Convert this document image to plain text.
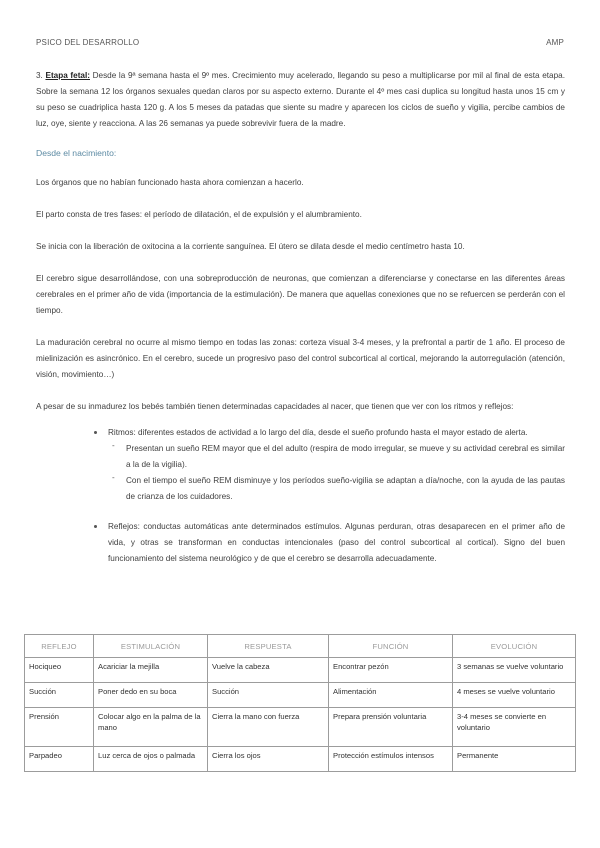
PSICO DEL DESARROLLO	AMP

3. Etapa fetal: Desde la 9ª semana hasta el 9º mes. Crecimiento muy acelerado, llegando su peso a multiplicarse por mil al final de esta etapa. Sobre la semana 12 los órganos sexuales quedan claros por su aspecto externo. Durante el 4º mes casi duplica su longitud hasta unos 15 cm y su peso se cuadriplica hasta 120 g. A los 5 meses da patadas que siente su madre y aparecen los ciclos de sueño y vigilia, percibe cambios de luz, oye, siente y reacciona. A las 26 semanas ya puede sobrevivir fuera de la madre.

Desde el nacimiento:

Los órganos que no habían funcionado hasta ahora comienzan a hacerlo.

El parto consta de tres fases: el período de dilatación, el de expulsión y el alumbramiento.

Se inicia con la liberación de oxitocina a la corriente sanguínea. El útero se dilata desde el medio centímetro hasta 10.

El cerebro sigue desarrollándose, con una sobreproducción de neuronas, que comienzan a diferenciarse y conectarse en las diferentes áreas cerebrales en el primer año de vida (importancia de la estimulación). De manera que aquellas conexiones que no se refuercen se perderán con el tiempo.

La maduración cerebral no ocurre al mismo tiempo en todas las zonas: corteza visual 3-4 meses, y la prefrontal a partir de 1 año. El proceso de mielinización es asincrónico. En el cerebro, sucede un progresivo paso del control subcortical al cortical, mejorando la autorregulación (atención, visión, movimiento…)

A pesar de su inmadurez los bebés también tienen determinadas capacidades al nacer, que tienen que ver con los ritmos y reflejos:

Ritmos: diferentes estados de actividad a lo largo del día, desde el sueño profundo hasta el mayor estado de alerta.

- Presentan un sueño REM mayor que el del adulto (respira de modo irregular, se mueve y su actividad cerebral es similar a la de la vigilia).

- Con el tiempo el sueño REM disminuye y los períodos sueño-vigilia se adaptan a día/noche, con la ayuda de las pautas de crianza de los cuidadores.

Reflejos: conductas automáticas ante determinados estímulos. Algunas perduran, otras desaparecen en el primer año de vida, y otras se transforman en conductas intencionales (paso del control subcortical al cortical). Signo del buen funcionamiento del sistema neurológico y de que el cerebro se desarrolla adecuadamente.

REFLEJO	ESTIMULACIÓN	RESPUESTA	FUNCIÓN	EVOLUCIÓN
Hociqueo	Acariciar la mejilla	Vuelve la cabeza	Encontrar pezón	3 semanas se vuelve voluntario
Succión	Poner dedo en su boca	Succión	Alimentación	4 meses se vuelve voluntario
Prensión	Colocar algo en la palma de la mano	Cierra la mano con fuerza	Prepara prensión voluntaria	3-4 meses se convierte en voluntario
Parpadeo	Luz cerca de ojos o palmada	Cierra los ojos	Protección estímulos intensos	Permanente
